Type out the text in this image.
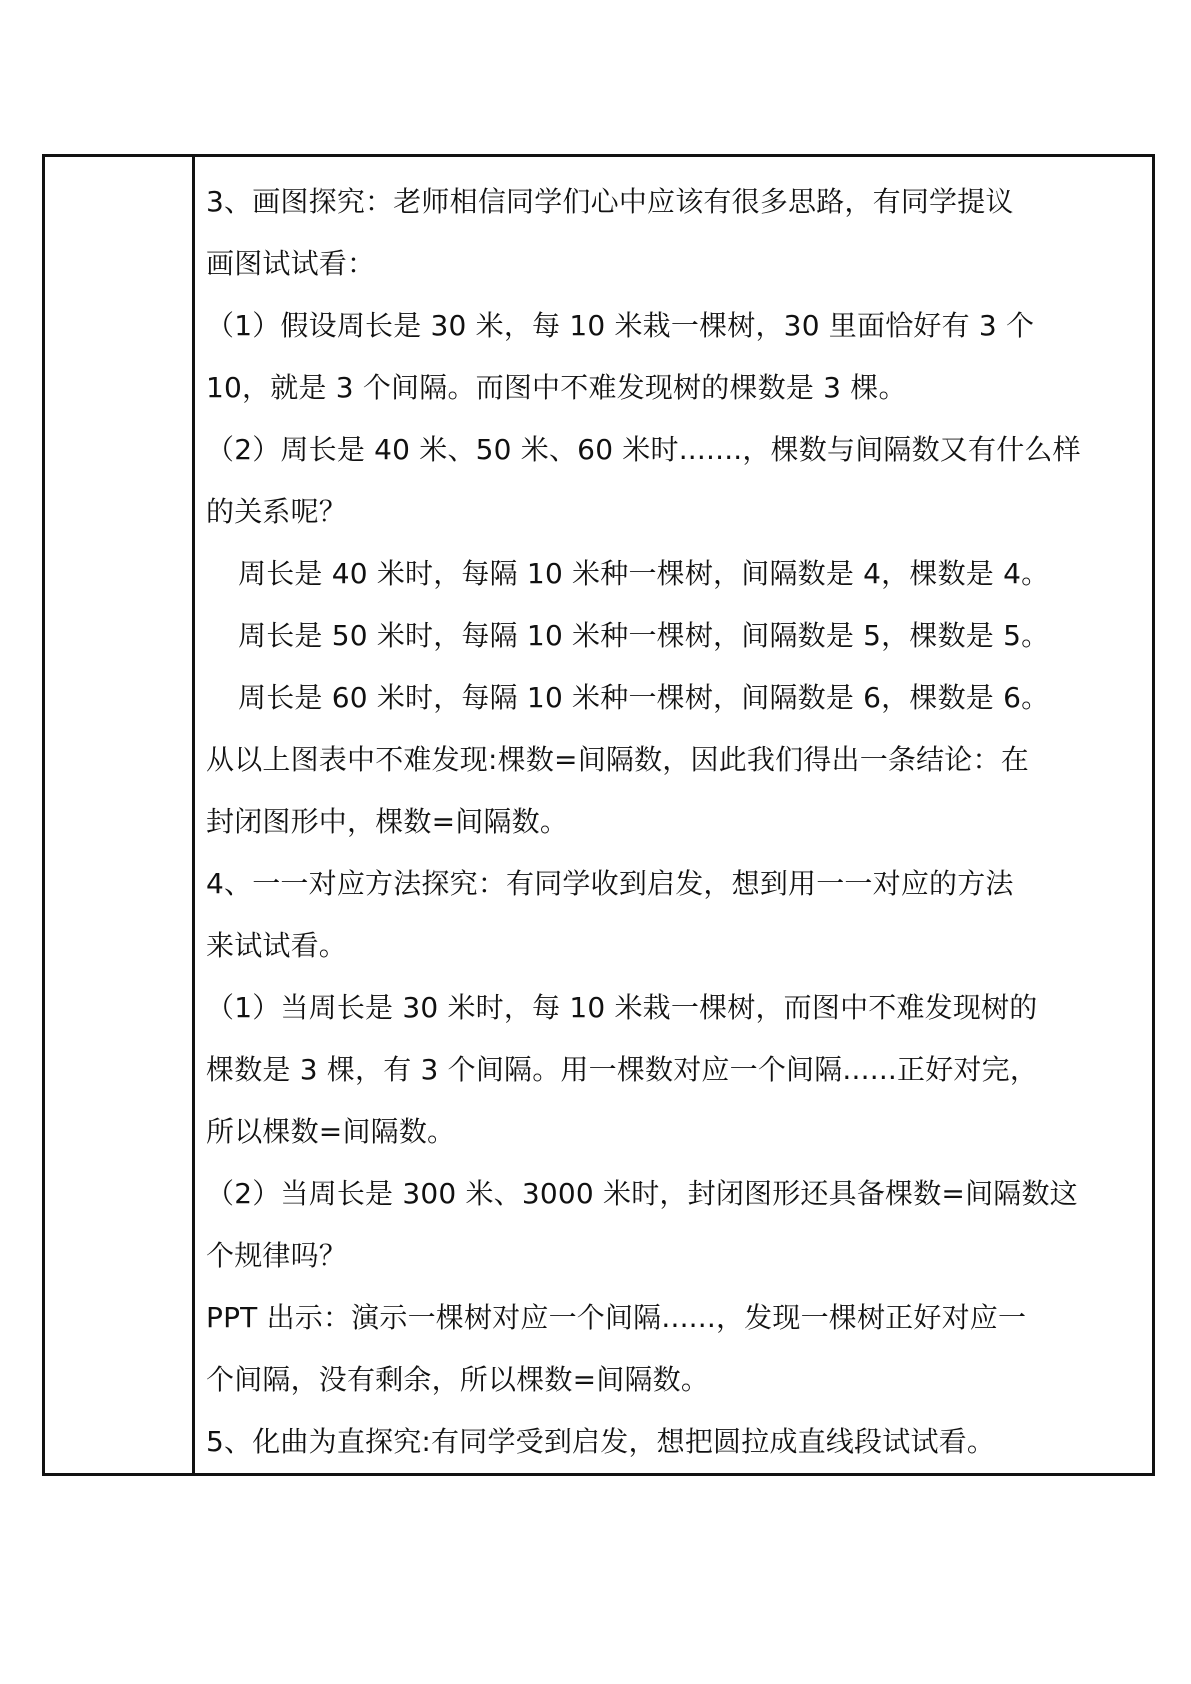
3、画图探究：老师相信同学们心中应该有很多思路，有同学提议
画图试试看：
（1）假设周长是 30 米，每 10 米栽一棵树，30 里面恰好有 3 个
10，就是 3 个间隔。而图中不难发现树的棵数是 3 棵。
（2）周长是 40 米、50 米、60 米时.......，棵数与间隔数又有什么样
的关系呢？
周长是 40 米时，每隔 10 米种一棵树，间隔数是 4，棵数是 4。
周长是 50 米时，每隔 10 米种一棵树，间隔数是 5，棵数是 5。
周长是 60 米时，每隔 10 米种一棵树，间隔数是 6，棵数是 6。
从以上图表中不难发现:棵数=间隔数，因此我们得出一条结论：在
封闭图形中，棵数=间隔数。
4、一一对应方法探究：有同学收到启发，想到用一一对应的方法
来试试看。
（1）当周长是 30 米时，每 10 米栽一棵树，而图中不难发现树的
棵数是 3 棵，有 3 个间隔。用一棵数对应一个间隔......正好对完，
所以棵数=间隔数。
（2）当周长是 300 米、3000 米时，封闭图形还具备棵数=间隔数这
个规律吗？
PPT 出示：演示一棵树对应一个间隔......，发现一棵树正好对应一
个间隔，没有剩余，所以棵数=间隔数。
5、化曲为直探究:有同学受到启发，想把圆拉成直线段试试看。
